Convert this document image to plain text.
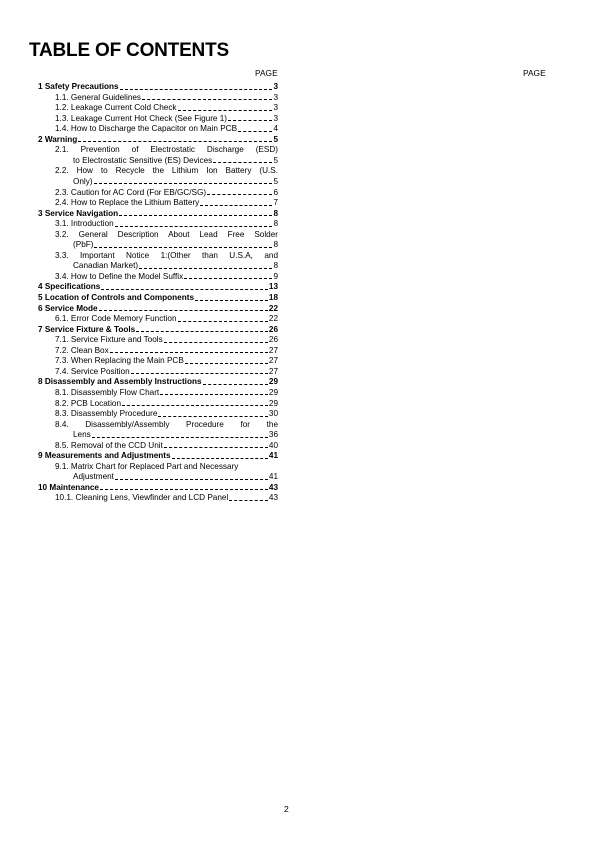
TABLE OF CONTENTS
PAGE	PAGE
1 Safety Precautions	3
1.1. General Guidelines	3
1.2. Leakage Current Cold Check	3
1.3. Leakage Current Hot Check (See Figure 1)	3
1.4. How to Discharge the Capacitor on Main PCB	4
2 Warning	5
2.1. Prevention of Electrostatic Discharge (ESD)
to Electrostatic Sensitive (ES) Devices	5
2.2. How to Recycle the Lithium Ion Battery (U.S.
Only)	5
2.3. Caution for AC Cord (For EB/GC/SG)	6
2.4. How to Replace the Lithium Battery	7
3 Service Navigation	8
3.1. Introduction	8
3.2. General Description About Lead Free Solder
(PbF)	8
3.3. Important Notice 1:(Other than U.S.A, and
Canadian Market)	8
3.4. How to Define the Model Suffix	9
4 Specifications	13
5 Location of Controls and Components	18
6 Service Mode	22
6.1. Error Code Memory Function	22
7 Service Fixture & Tools	26
7.1. Service Fixture and Tools	26
7.2. Clean Box	27
7.3. When Replacing the Main PCB	27
7.4. Service Position	27
8 Disassembly and Assembly Instructions	29
8.1. Disassembly Flow Chart	29
8.2. PCB Location	29
8.3. Disassembly Procedure	30
8.4. Disassembly/Assembly Procedure for the
Lens	36
8.5. Removal of the CCD Unit	40
9 Measurements and Adjustments	41
9.1. Matrix Chart for Replaced Part and Necessary
Adjustment	41
10 Maintenance	43
10.1. Cleaning Lens, Viewfinder and LCD Panel	43
2
